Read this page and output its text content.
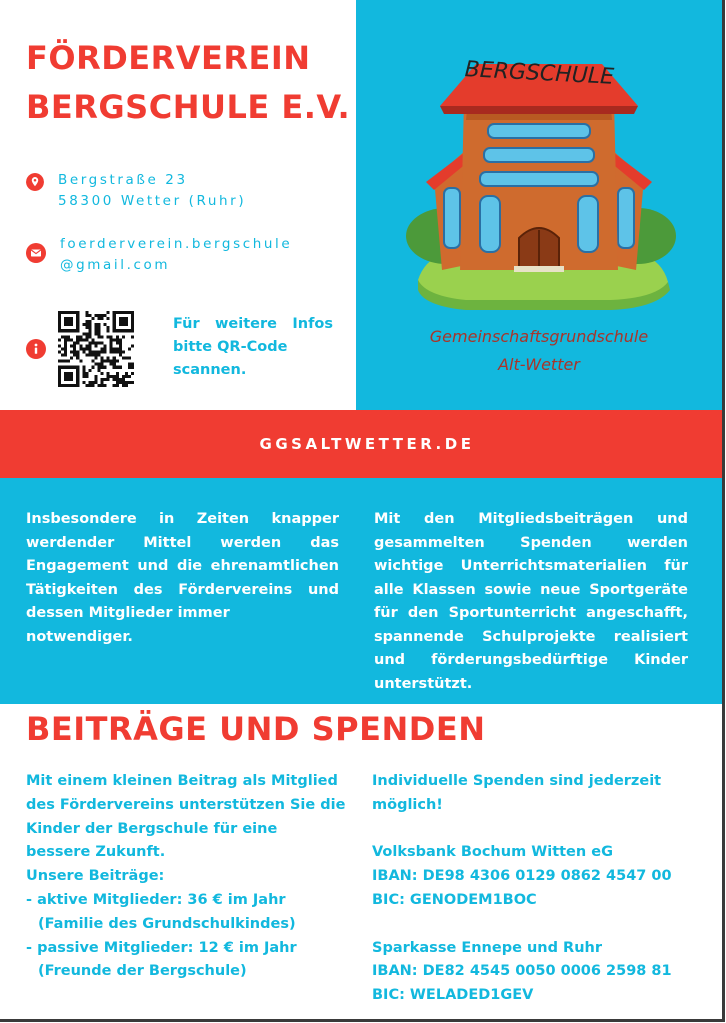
FÖRDERVEREIN
BERGSCHULE E.V.
Bergstraße 23
58300 Wetter (Ruhr)
foerderverein.bergschule
@gmail.com
Für weitere Infos
bitte QR-Code
scannen.
BERGSCHULE
Gemeinschaftsgrundschule
Alt-Wetter
GGSALTWETTER.DE
Insbesondere in Zeiten knapper
werdender Mittel werden das
Engagement und die ehrenamtlichen
Tätigkeiten des Fördervereins und
dessen Mitglieder immer
notwendiger.
Mit den Mitgliedsbeiträgen und
gesammelten Spenden werden
wichtige Unterrichtsmaterialien für
alle Klassen sowie neue Sportgeräte
für den Sportunterricht angeschafft,
spannende Schulprojekte realisiert
und förderungsbedürftige Kinder
unterstützt.
BEITRÄGE UND SPENDEN
Mit einem kleinen Beitrag als Mitglied
des Fördervereins unterstützen Sie die
Kinder der Bergschule für eine
bessere Zukunft.
Unsere Beiträge:
- aktive Mitglieder: 36 € im Jahr
(Familie des Grundschulkindes)
- passive Mitglieder: 12 € im Jahr
(Freunde der Bergschule)
Individuelle Spenden sind jederzeit
möglich!
Volksbank Bochum Witten eG
IBAN: DE98 4306 0129 0862 4547 00
BIC: GENODEM1BOC
Sparkasse Ennepe und Ruhr
IBAN: DE82 4545 0050 0006 2598 81
BIC: WELADED1GEV
